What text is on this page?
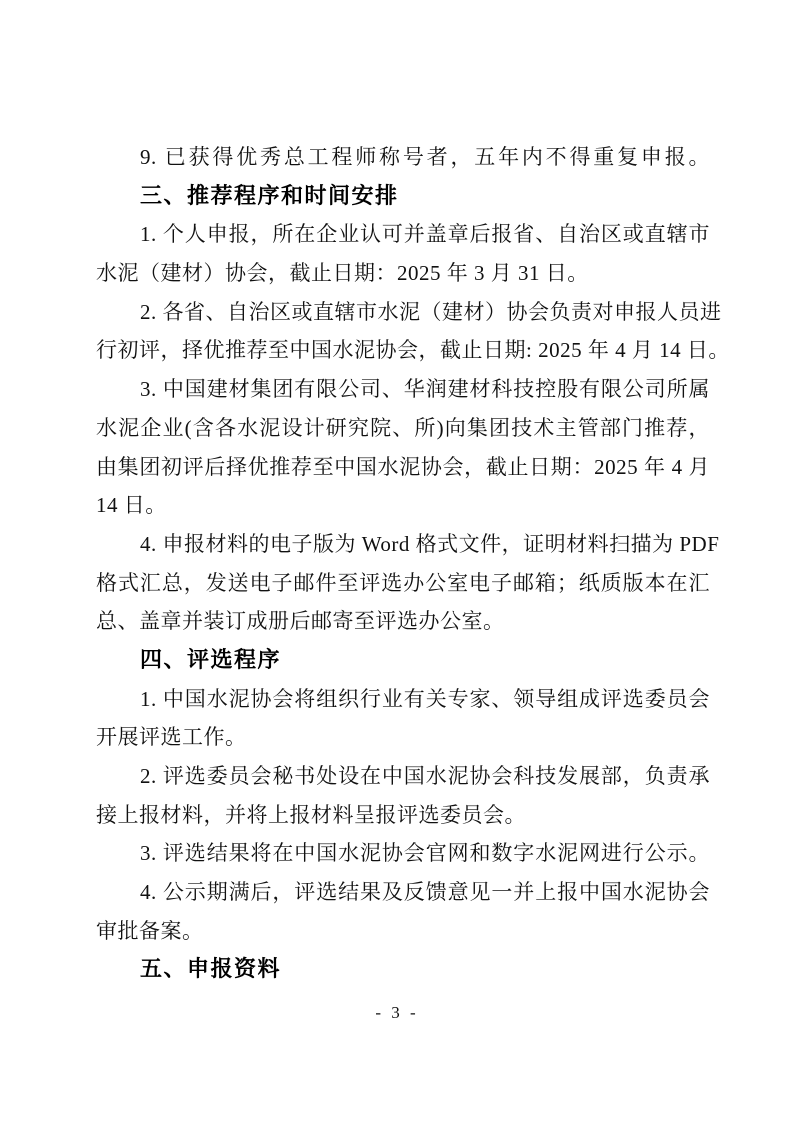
9. 已获得优秀总工程师称号者，五年内不得重复申报。
三、推荐程序和时间安排
1. 个人申报，所在企业认可并盖章后报省、自治区或直辖市
水泥（建材）协会，截止日期：2025 年 3 月 31 日。
2. 各省、自治区或直辖市水泥（建材）协会负责对申报人员进
行初评，择优推荐至中国水泥协会，截止日期: 2025 年 4 月 14 日。
3. 中国建材集团有限公司、华润建材科技控股有限公司所属
水泥企业(含各水泥设计研究院、所)向集团技术主管部门推荐，
由集团初评后择优推荐至中国水泥协会，截止日期：2025 年 4 月
14 日。
4. 申报材料的电子版为 Word 格式文件，证明材料扫描为 PDF
格式汇总，发送电子邮件至评选办公室电子邮箱；纸质版本在汇
总、盖章并装订成册后邮寄至评选办公室。
四、评选程序
1. 中国水泥协会将组织行业有关专家、领导组成评选委员会
开展评选工作。
2. 评选委员会秘书处设在中国水泥协会科技发展部，负责承
接上报材料，并将上报材料呈报评选委员会。
3. 评选结果将在中国水泥协会官网和数字水泥网进行公示。
4. 公示期满后，评选结果及反馈意见一并上报中国水泥协会
审批备案。
五、申报资料
- 3 -
